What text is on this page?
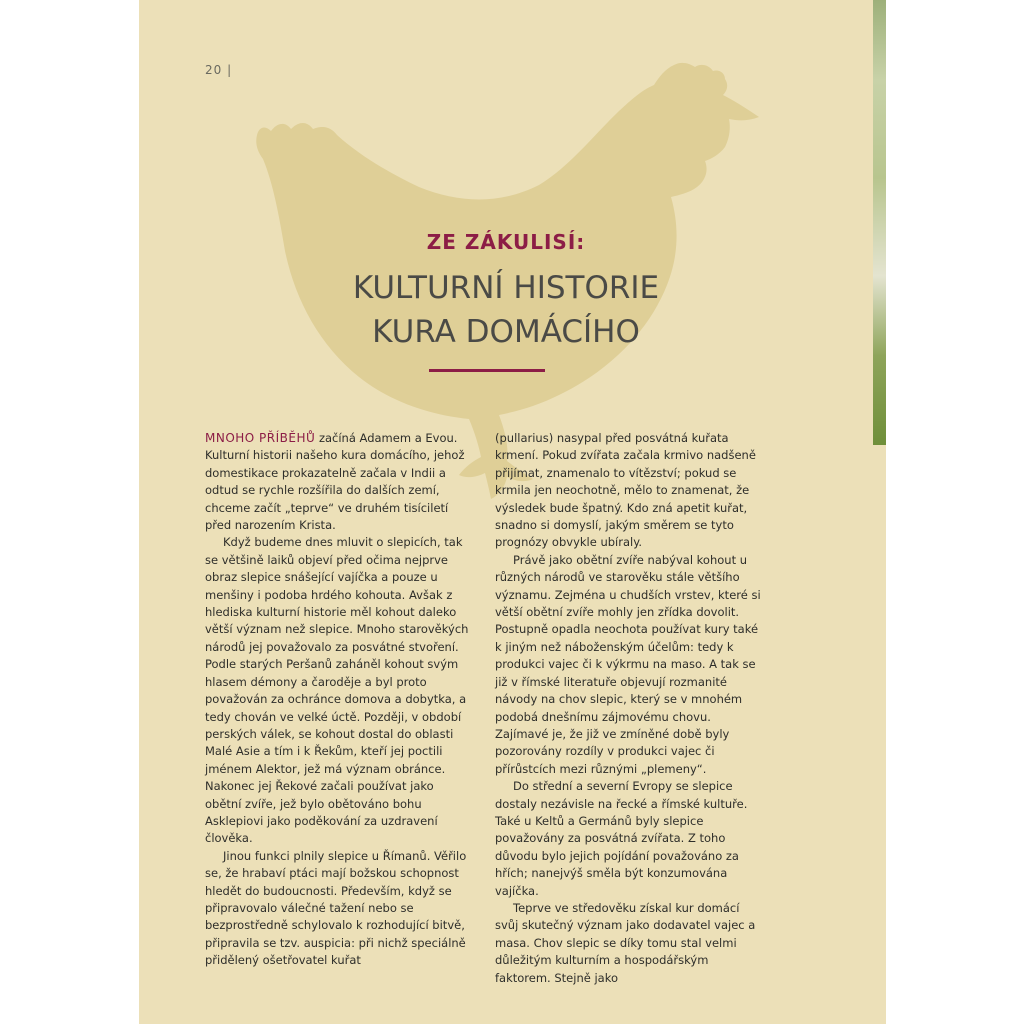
20 |
ZE ZÁKULISÍ:
KULTURNÍ HISTORIE
KURA DOMÁCÍHO

MNOHO PŘÍBĚHŮ začíná Adamem a Evou. Kulturní historii našeho kura domácího, jehož domestikace prokazatelně začala v Indii a odtud se rychle rozšířila do dalších zemí, chceme začít „teprve“ ve druhém tisíciletí před narozením Krista.

Když budeme dnes mluvit o slepicích, tak se většině laiků objeví před očima nejprve obraz slepice snášející vajíčka a pouze u menšiny i podoba hrdého kohouta. Avšak z hlediska kulturní historie měl kohout daleko větší význam než slepice. Mnoho starověkých národů jej považovalo za posvátné stvoření. Podle starých Peršanů zaháněl kohout svým hlasem démony a čaroděje a byl proto považován za ochránce domova a dobytka, a tedy chován ve velké úctě. Později, v období perských válek, se kohout dostal do oblasti Malé Asie a tím i k Řekům, kteří jej poctili jménem Alektor, jež má význam obránce. Nakonec jej Řekové začali používat jako obětní zvíře, jež bylo obětováno bohu Asklepiovi jako poděkování za uzdravení člověka.

Jinou funkci plnily slepice u Římanů. Věřilo se, že hrabaví ptáci mají božskou schopnost hledět do budoucnosti. Především, když se připravovalo válečné tažení nebo se bezprostředně schylovalo k rozhodující bitvě, připravila se tzv. auspicia: při nichž speciálně přidělený ošetřovatel kuřat

(pullarius) nasypal před posvátná kuřata krmení. Pokud zvířata začala krmivo nadšeně přijímat, znamenalo to vítězství; pokud se krmila jen neochotně, mělo to znamenat, že výsledek bude špatný. Kdo zná apetit kuřat, snadno si domyslí, jakým směrem se tyto prognózy obvykle ubíraly.

Právě jako obětní zvíře nabýval kohout u různých národů ve starověku stále většího významu. Zejména u chudších vrstev, které si větší obětní zvíře mohly jen zřídka dovolit. Postupně opadla neochota používat kury také k jiným než náboženským účelům: tedy k produkci vajec či k výkrmu na maso. A tak se již v římské literatuře objevují rozmanité návody na chov slepic, který se v mnohém podobá dnešnímu zájmovému chovu. Zajímavé je, že již ve zmíněné době byly pozorovány rozdíly v produkci vajec či přírůstcích mezi různými „plemeny“.

Do střední a severní Evropy se slepice dostaly nezávisle na řecké a římské kultuře. Také u Keltů a Germánů byly slepice považovány za posvátná zvířata. Z toho důvodu bylo jejich pojídání považováno za hřích; nanejvýš směla být konzumována vajíčka.

Teprve ve středověku získal kur domácí svůj skutečný význam jako dodavatel vajec a masa. Chov slepic se díky tomu stal velmi důležitým kulturním a hospodářským faktorem. Stejně jako
